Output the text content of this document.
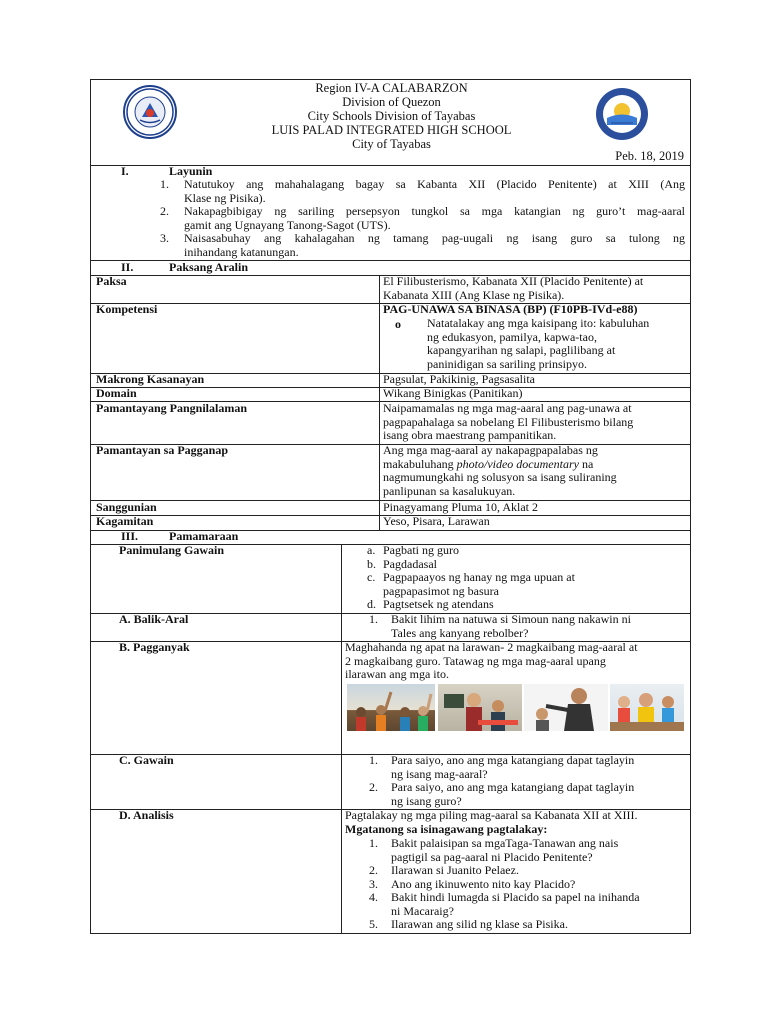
Region IV-A CALABARZON
Division of Quezon
City Schools Division of Tayabas
LUIS PALAD INTEGRATED HIGH SCHOOL
City of Tayabas
Peb. 18, 2019
I.	Layunin
1. Natutukoy ang mahahalagang bagay sa Kabanta XII (Placido Penitente) at XIII (Ang
Klase ng Pisika).
2. Nakapagbibigay ng sariling persepsyon tungkol sa mga katangian ng guro’t mag-aaral
gamit ang Ugnayang Tanong-Sagot (UTS).
3. Naisasabuhay ang kahalagahan ng tamang pag-uugali ng isang guro sa tulong ng
inihandang katanungan.
II.	Paksang Aralin
Paksa	El Filibusterismo, Kabanata XII (Placido Penitente) at
Kabanata XIII (Ang Klase ng Pisika).
Kompetensi	PAG-UNAWA SA BINASA (BP) (F10PB-IVd-e88)
o Natatalakay ang mga kaisipang ito: kabuluhan
ng edukasyon, pamilya, kapwa-tao,
kapangyarihan ng salapi, paglilibang at
paninidigan sa sariling prinsipyo.
Makrong Kasanayan	Pagsulat, Pakikinig, Pagsasalita
Domain	Wikang Binigkas (Panitikan)
Pamantayang Pangnilalaman	Naipamamalas ng mga mag-aaral ang pag-unawa at
pagpapahalaga sa nobelang El Filibusterismo bilang
isang obra maestrang pampanitikan.
Pamantayan sa Pagganap	Ang mga mag-aaral ay nakapagpapalabas ng
makabuluhang photo/video documentary na
nagmumungkahi ng solusyon sa isang suliraning
panlipunan sa kasalukuyan.
Sanggunian	Pinagyamang Pluma 10, Aklat 2
Kagamitan	Yeso, Pisara, Larawan
III.	Pamamaraan
Panimulang Gawain	a. Pagbati ng guro
b. Pagdadasal
c. Pagpapaayos ng hanay ng mga upuan at
pagpapasimot ng basura
d. Pagtsetsek ng atendans
A. Balik-Aral	1. Bakit lihim na natuwa si Simoun nang nakawin ni
Tales ang kanyang rebolber?
B. Pagganyak	Maghahanda ng apat na larawan- 2 magkaibang mag-aaral at
2 magkaibang guro. Tatawag ng mga mag-aaral upang
ilarawan ang mga ito.
C. Gawain	1. Para saiyo, ano ang mga katangiang dapat taglayin
ng isang mag-aaral?
2. Para saiyo, ano ang mga katangiang dapat taglayin
ng isang guro?
D. Analisis	Pagtalakay ng mga piling mag-aaral sa Kabanata XII at XIII.
Mgatanong sa isinagawang pagtalakay:
1. Bakit palaisipan sa mgaTaga-Tanawan ang nais
pagtigil sa pag-aaral ni Placido Penitente?
2. Ilarawan si Juanito Pelaez.
3. Ano ang ikinuwento nito kay Placido?
4. Bakit hindi lumagda si Placido sa papel na inihanda
ni Macaraig?
5. Ilarawan ang silid ng klase sa Pisika.
